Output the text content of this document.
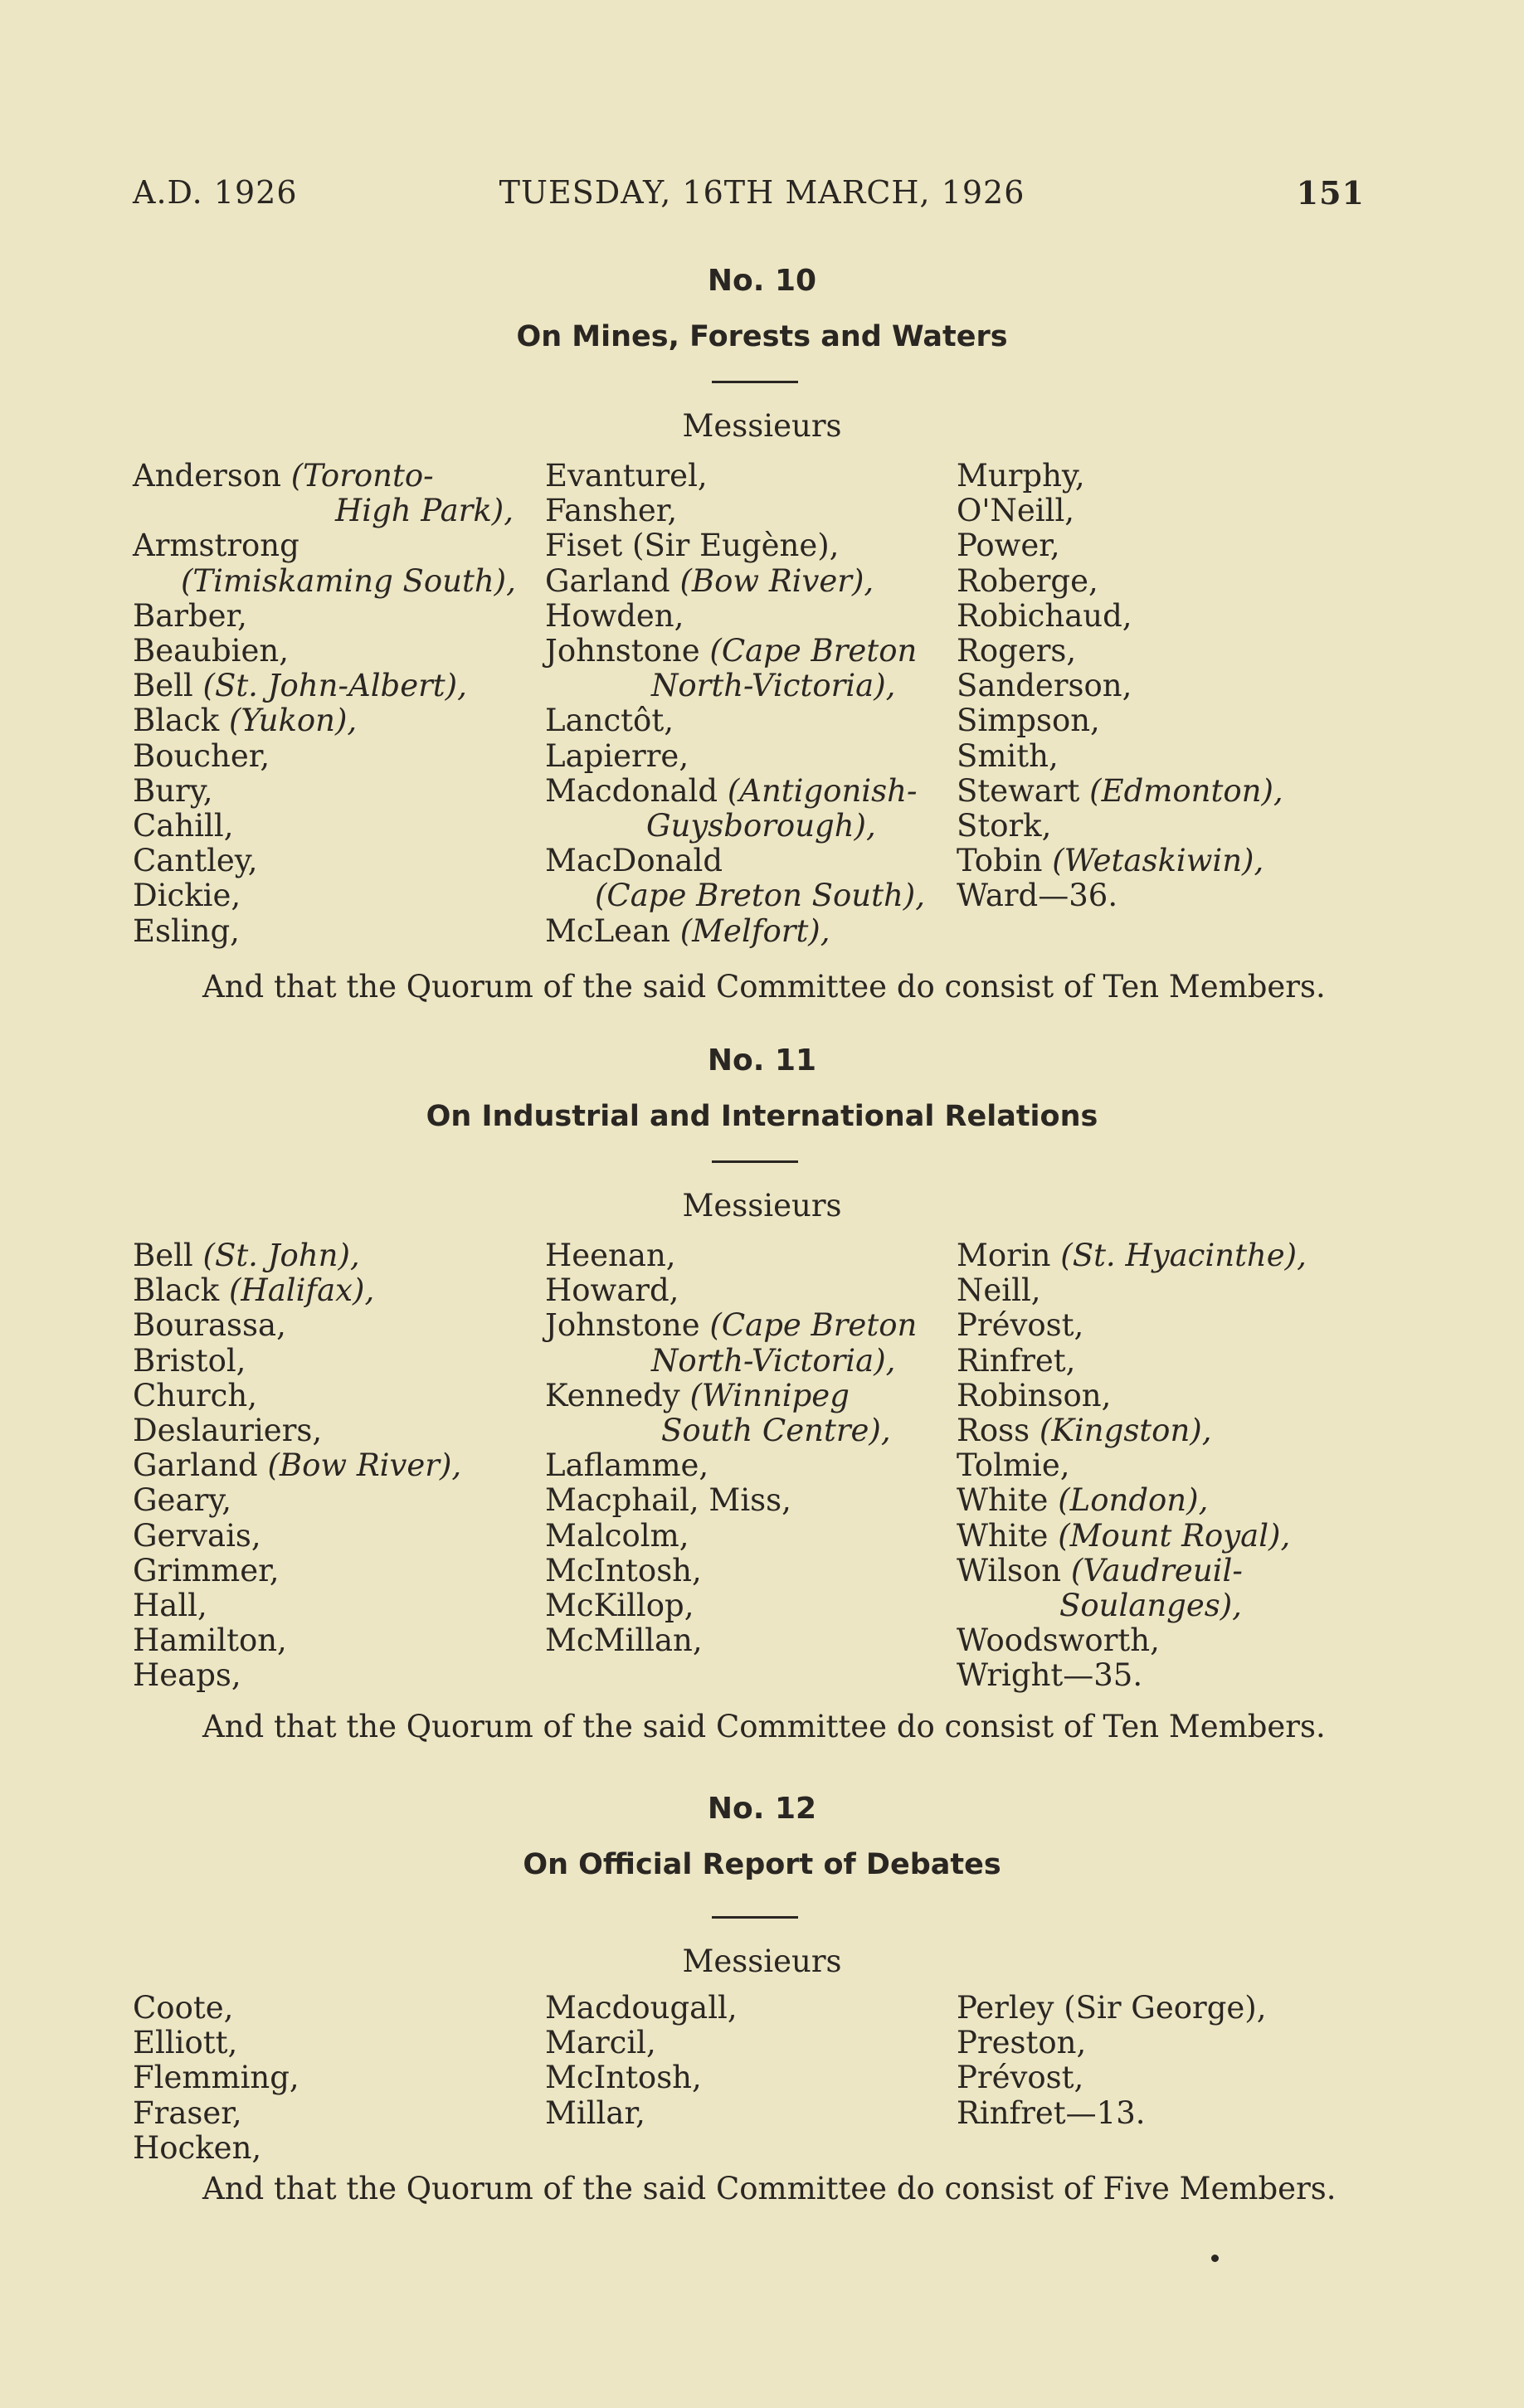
A.D. 1926	TUESDAY, 16TH MARCH, 1926	151
No. 10
On Mines, Forests and Waters
Messieurs
Anderson (Toronto-
High Park),
Armstrong
(Timiskaming South),
Barber,
Beaubien,
Bell (St. John-Albert),
Black (Yukon),
Boucher,
Bury,
Cahill,
Cantley,
Dickie,
Esling,
Evanturel,
Fansher,
Fiset (Sir Eugène),
Garland (Bow River),
Howden,
Johnstone (Cape Breton
North-Victoria),
Lanctôt,
Lapierre,
Macdonald (Antigonish-
Guysborough),
MacDonald
(Cape Breton South),
McLean (Melfort),
Murphy,
O'Neill,
Power,
Roberge,
Robichaud,
Rogers,
Sanderson,
Simpson,
Smith,
Stewart (Edmonton),
Stork,
Tobin (Wetaskiwin),
Ward—36.
And that the Quorum of the said Committee do consist of Ten Members.
No. 11
On Industrial and International Relations
Messieurs
Bell (St. John),
Black (Halifax),
Bourassa,
Bristol,
Church,
Deslauriers,
Garland (Bow River),
Geary,
Gervais,
Grimmer,
Hall,
Hamilton,
Heaps,
Heenan,
Howard,
Johnstone (Cape Breton
North-Victoria),
Kennedy (Winnipeg
South Centre),
Laflamme,
Macphail, Miss,
Malcolm,
McIntosh,
McKillop,
McMillan,
Morin (St. Hyacinthe),
Neill,
Prévost,
Rinfret,
Robinson,
Ross (Kingston),
Tolmie,
White (London),
White (Mount Royal),
Wilson (Vaudreuil-
Soulanges),
Woodsworth,
Wright—35.
And that the Quorum of the said Committee do consist of Ten Members.
No. 12
On Official Report of Debates
Messieurs
Coote,
Elliott,
Flemming,
Fraser,
Hocken,
Macdougall,
Marcil,
McIntosh,
Millar,
Perley (Sir George),
Preston,
Prévost,
Rinfret—13.
And that the Quorum of the said Committee do consist of Five Members.
